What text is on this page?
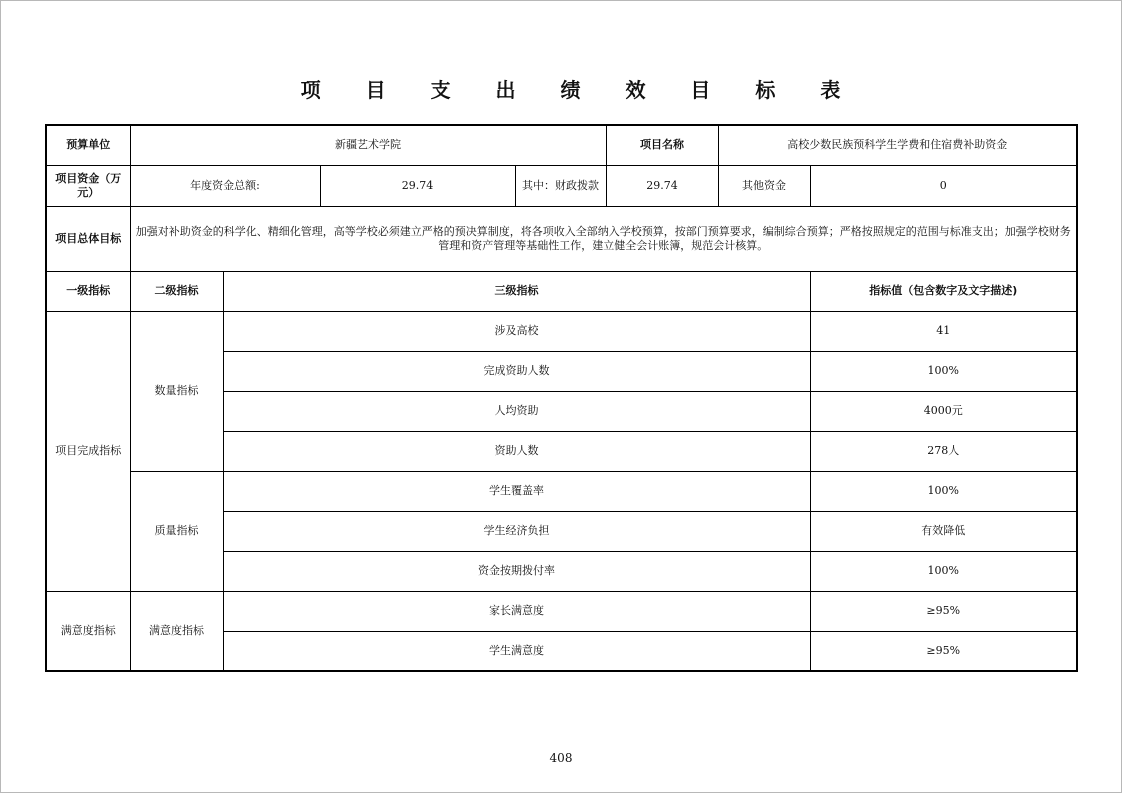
项 目 支 出 绩 效 目 标 表
预算单位	新疆艺术学院				项目名称	高校少数民族预科学生学费和住宿费补助资金	
项目资金（万元）	年度资金总额:		29.74	其中：财政拨款	29.74	其他资金	0
项目总体目标	加强对补助资金的科学化、精细化管理，高等学校必须建立严格的预决算制度，将各项收入全部纳入学校预算，按部门预算要求，编制综合预算；严格按照规定的范围与标准支出；加强学校财务管理和资产管理等基础性工作，建立健全会计账簿，规范会计核算。						
一级指标	二级指标	三级指标					指标值（包含数字及文字描述)
项目完成指标	数量指标	涉及高校					41
		完成资助人数					100%
		人均资助					4000元
		资助人数					278人
	质量指标	学生覆盖率					100%
		学生经济负担					有效降低
		资金按期拨付率					100%
满意度指标	满意度指标	家长满意度					≥95%
		学生满意度					≥95%
408
